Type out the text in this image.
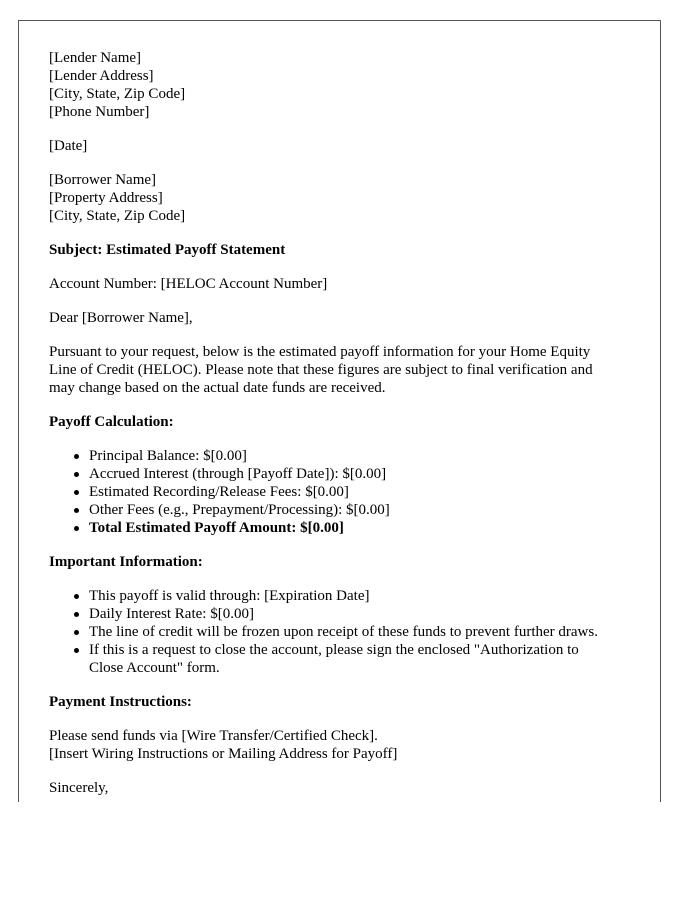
[Lender Name]
[Lender Address]
[City, State, Zip Code]
[Phone Number]
[Date]
[Borrower Name]
[Property Address]
[City, State, Zip Code]
Subject: Estimated Payoff Statement
Account Number: [HELOC Account Number]
Dear [Borrower Name],
Pursuant to your request, below is the estimated payoff information for your Home Equity
Line of Credit (HELOC). Please note that these figures are subject to final verification and
may change based on the actual date funds are received.
Payoff Calculation:
Principal Balance: $[0.00]
Accrued Interest (through [Payoff Date]): $[0.00]
Estimated Recording/Release Fees: $[0.00]
Other Fees (e.g., Prepayment/Processing): $[0.00]
Total Estimated Payoff Amount: $[0.00]
Important Information:
This payoff is valid through: [Expiration Date]
Daily Interest Rate: $[0.00]
The line of credit will be frozen upon receipt of these funds to prevent further draws.
If this is a request to close the account, please sign the enclosed "Authorization to
Close Account" form.
Payment Instructions:
Please send funds via [Wire Transfer/Certified Check].
[Insert Wiring Instructions or Mailing Address for Payoff]
Sincerely,
